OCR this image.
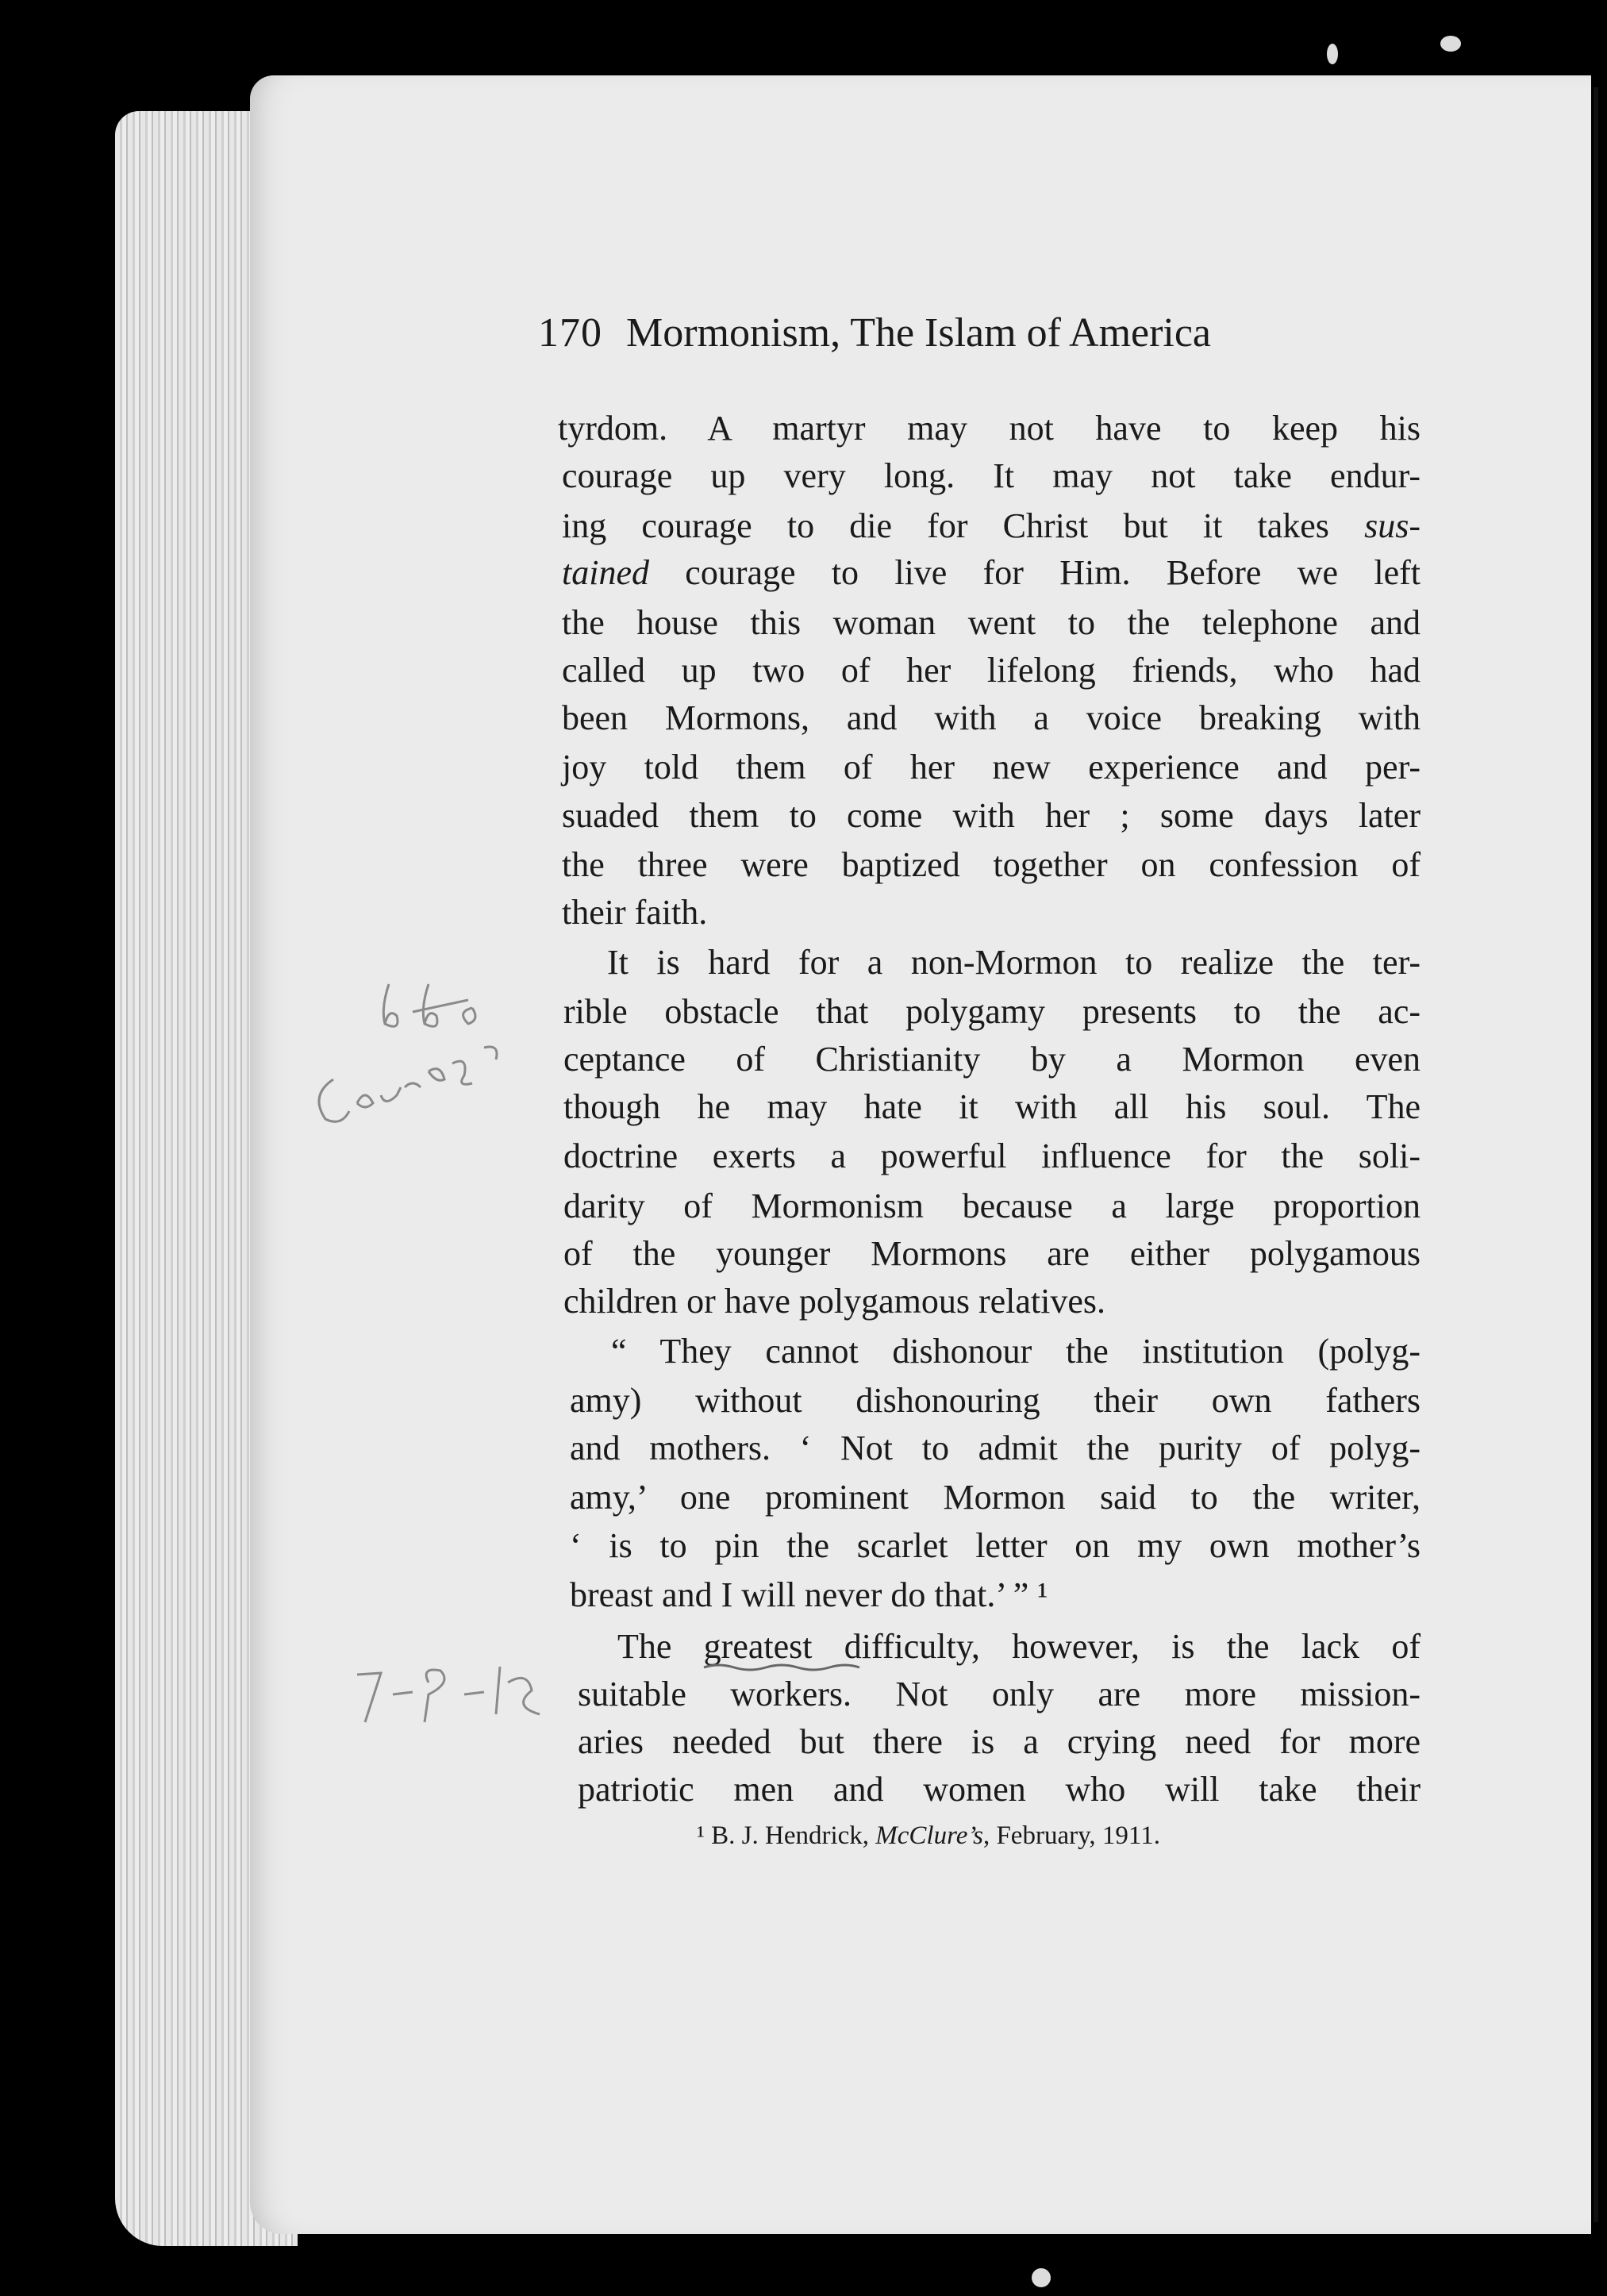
170 Mormonism, The Islam of America
tyrdom. A martyr may not have to keep his
courage up very long. It may not take endur-
ing courage to die for Christ but it takes sus-
tained courage to live for Him. Before we left
the house this woman went to the telephone and
called up two of her lifelong friends, who had
been Mormons, and with a voice breaking with
joy told them of her new experience and per-
suaded them to come with her ; some days later
the three were baptized together on confession of
their faith.
It is hard for a non-Mormon to realize the ter-
rible obstacle that polygamy presents to the ac-
ceptance of Christianity by a Mormon even
though he may hate it with all his soul. The
doctrine exerts a powerful influence for the soli-
darity of Mormonism because a large proportion
of the younger Mormons are either polygamous
children or have polygamous relatives.
“ They cannot dishonour the institution (polyg-
amy) without dishonouring their own fathers
and mothers. ‘ Not to admit the purity of polyg-
amy,’ one prominent Mormon said to the writer,
‘ is to pin the scarlet letter on my own mother’s
breast and I will never do that.’ ” ¹
The greatest difficulty, however, is the lack of
suitable workers. Not only are more mission-
aries needed but there is a crying need for more
patriotic men and women who will take their
¹ B. J. Hendrick, McClure’s, February, 1911.
